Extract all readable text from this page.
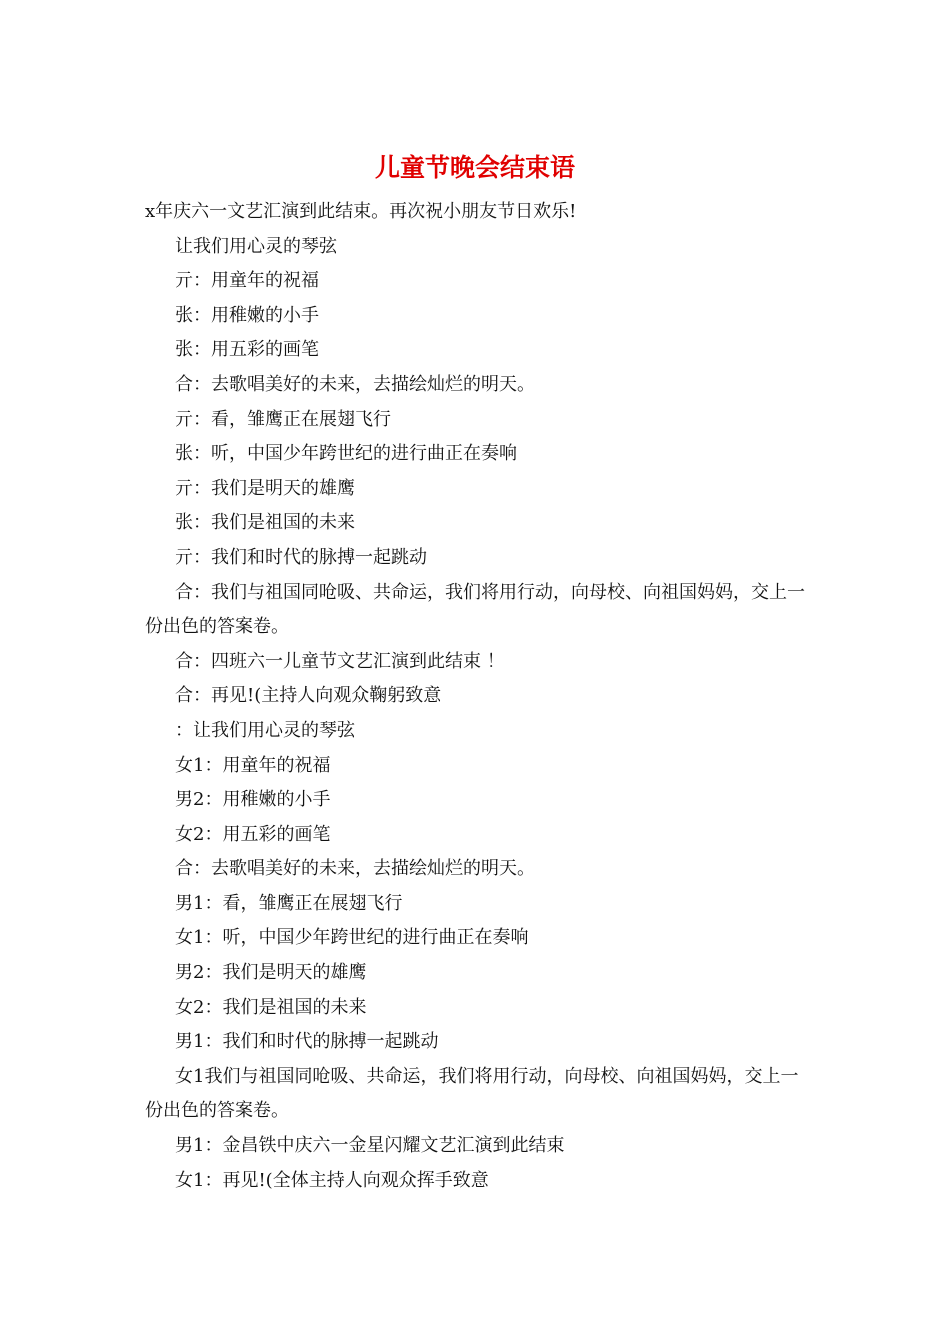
儿童节晚会结束语

x年庆六一文艺汇演到此结束。再次祝小朋友节日欢乐!

让我们用心灵的琴弦

亓：用童年的祝福

张：用稚嫩的小手

张：用五彩的画笔

合：去歌唱美好的未来，去描绘灿烂的明天。

亓：看，雏鹰正在展翅飞行

张：听，中国少年跨世纪的进行曲正在奏响

亓：我们是明天的雄鹰

张：我们是祖国的未来

亓：我们和时代的脉搏一起跳动

合：我们与祖国同呛吸、共命运，我们将用行动，向母校、向祖国妈妈，交上一份出色的答案卷。

合：四班六一儿童节文艺汇演到此结束 ！

合：再见!(主持人向观众鞠躬致意

：让我们用心灵的琴弦

女1：用童年的祝福

男2：用稚嫩的小手

女2：用五彩的画笔

合：去歌唱美好的未来，去描绘灿烂的明天。

男1：看，雏鹰正在展翅飞行

女1：听，中国少年跨世纪的进行曲正在奏响

男2：我们是明天的雄鹰

女2：我们是祖国的未来

男1：我们和时代的脉搏一起跳动

女1我们与祖国同呛吸、共命运，我们将用行动，向母校、向祖国妈妈，交上一份出色的答案卷。

男1：金昌铁中庆六一金星闪耀文艺汇演到此结束

女1：再见!(全体主持人向观众挥手致意
